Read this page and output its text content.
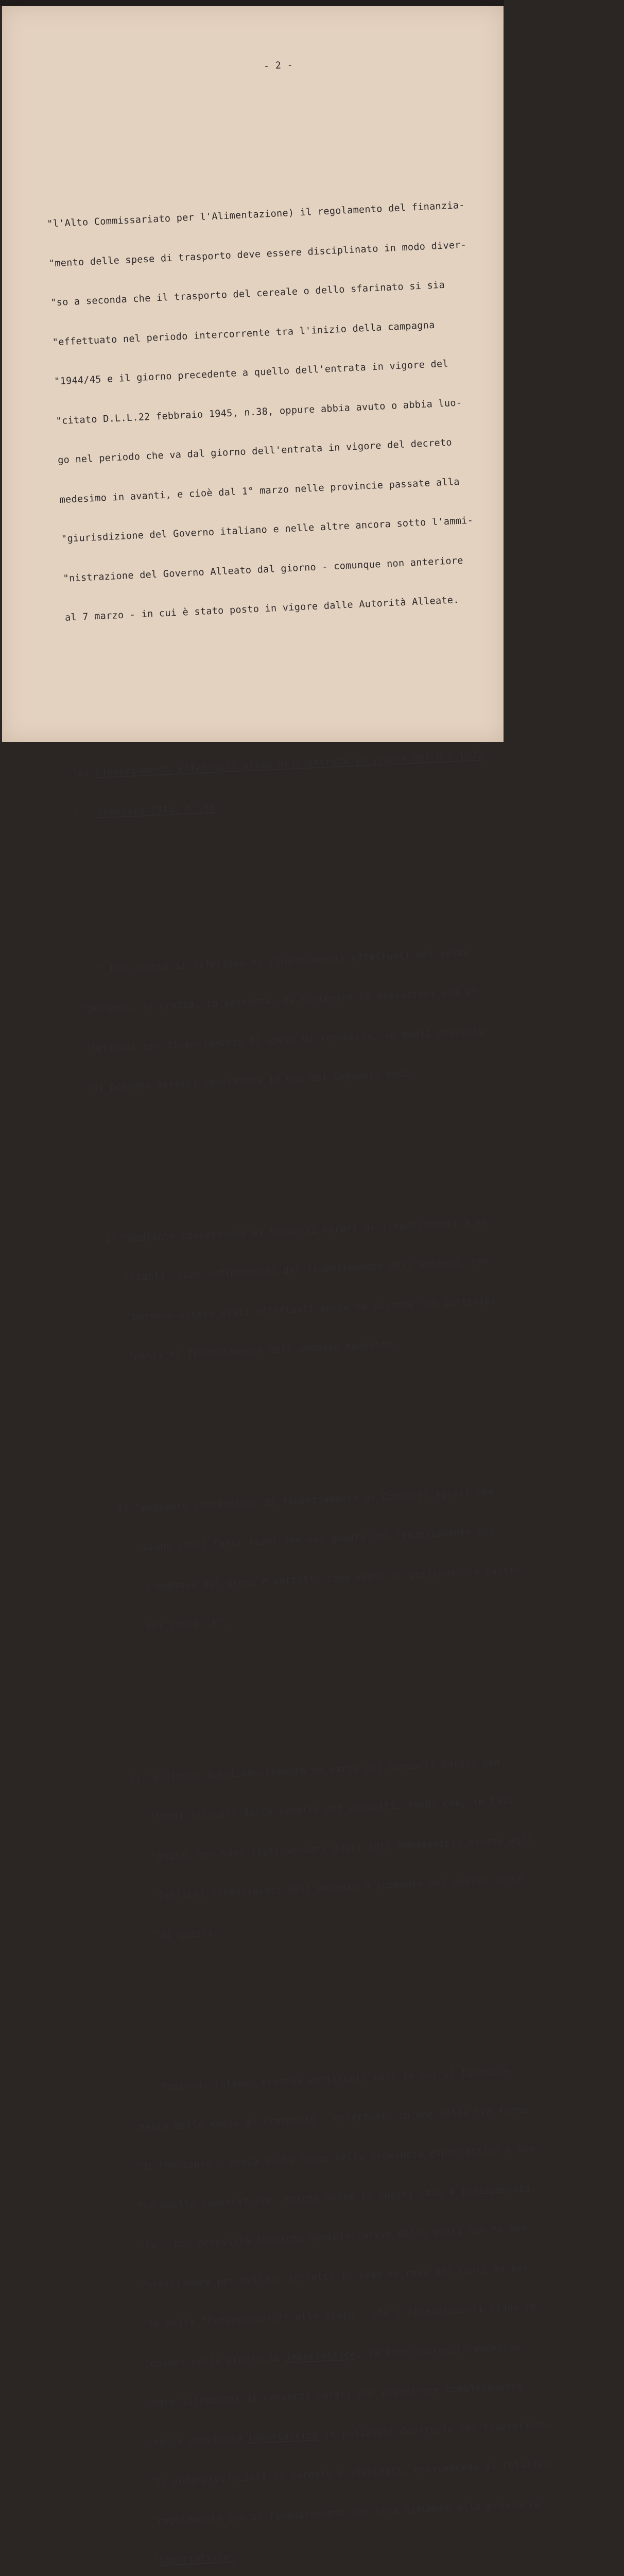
- 2 -

"l'Alto Commissariato per l'Alimentazione) il regolamento del finanzia-

"mento delle spese di trasporto deve essere disciplinato in modo diver-

"so a seconda che il trasporto del cereale o dello sfarinato si sia

"effettuato nel periodo intercorrente tra l'inizio della campagna

"1944/45 e il giorno precedente a quello dell'entrata in vigore del

"citato D.L.L.22 febbraio 1945, n.38, oppure abbia avuto o abbia luo-

go nel periodo che va dal giorno dell'entrata in vigore del decreto

medesimo in avanti, e cioè dal 1° marzo nelle provincie passate alla

"giurisdizione del Governo italiano e nelle altre ancora sotto l'ammi-

"nistrazione del Governo Alleato dal giorno - comunque non anteriore

al 7 marzo - in cui è stato posto in vigore dalle Autorità Alleate.

"A) Finanziamenti effettuati prima dell'entrata in vigore del D.L.L.22

"   febbraio 1945, n°.38

" Per quanto si riferisce ai finanziamenti effettuati nel primo

"periodo, si tratta, in sostanza, di sistemare le operazioni già ef-

"fettuate per finanziamento di spese di trasporto, le quali operazio-

"ni possono essersi concretate in uno dei seguenti modi:

1) "mediante concessione ai Consorzi Agrari di finanziamenti a sè

"stanti, cioè indipendenti dal finanziamento dell'ammasso, che

"possono essere stati effettuati anche da Aziende non partecipi-

"panti al finanziamento dell'ammasso medesimo;

2) "mediante concessione di finanziamenti ai Consorzi Agrari che

"siano stati fatti rientrare nel quadro del finanziamento del-

"l'ammasso del grano e portati, come spese di gestione", a carico

"del conto "A";

3) "mediante autofinanziamento da parte dei Consorzi Agrari con

"fondi ricavati dalla vendita dei prodotti, fondi che, in tale

"guisa, non sono stati versati dagli enti ammassatori stessi agli

"Istituti finanziatori dell'ammasso a scomputo del debito verso

"di questi.

" Possono, infine, essersi verificati casi in cui il finanzia-

"mento delle spese di trasporto - effettuato in una delle tre forme

"di che sopra - abbia avuto luogo nella provincia esportatrice e non

"in quella importatrice. Poichè anche in questi casi è indispensabi-

"le - per necessità tecniche amministrative dalle quali non si può

"prescindere per evitare intralci in sede di resa dei conti da par-

"te della "Federconsorzi" allo Stato - che i finanziamenti siano re-

"golati nella provincia importatrice, la"Federconsorzi" medesima

"darà istruzioni ai Consorzi Agrari per accentrare completamente

"nella provincia importatrice le posizioni debitorie per trasferimen-

"ti interprovinciali di cereale e sfarinati, provvedendo al relativo

"regolamento con il finanziamento che farà assumere alla provincia

"importatrice.
